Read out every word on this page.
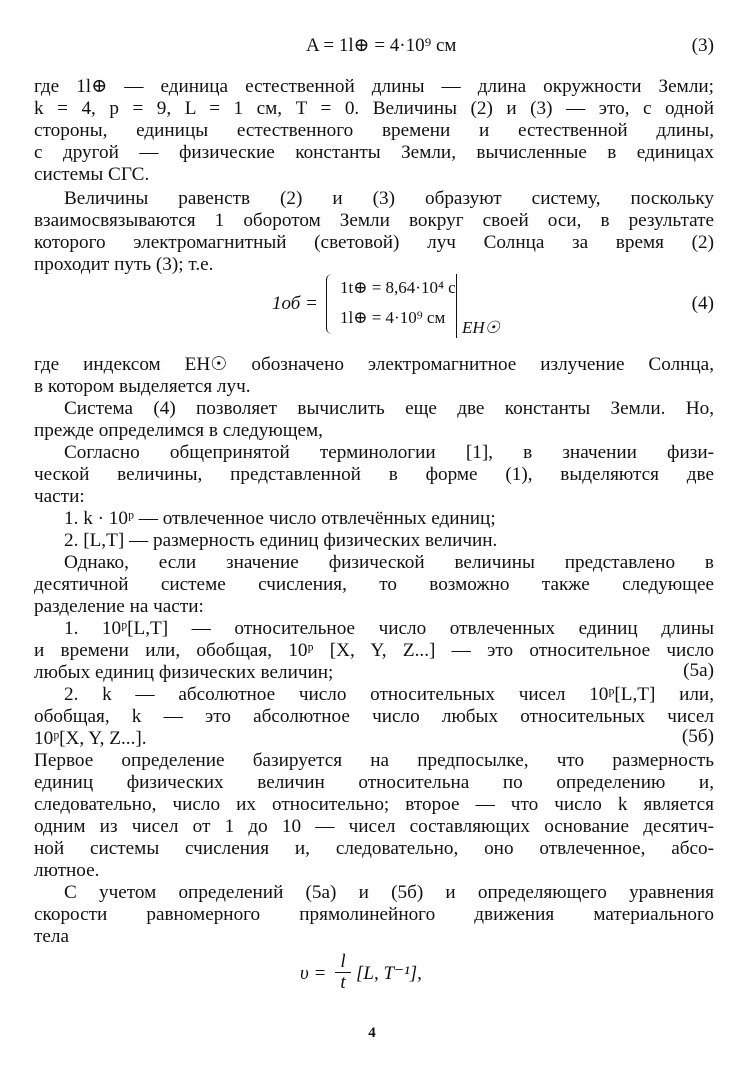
A = 1l⊕ = 4·10⁹ см	(3)
где 1l⊕ — единица естественной длины — длина окружности Земли;
k = 4, p = 9, L = 1 см, T = 0. Величины (2) и (3) — это, с одной
стороны, единицы естественного времени и естественной длины,
с другой — физические константы Земли, вычисленные в единицах
системы СГС.
Величины равенств (2) и (3) образуют систему, поскольку
взаимосвязываются 1 оборотом Земли вокруг своей оси, в результате
которого электромагнитный (световой) луч Солнца за время (2)
проходит путь (3); т.е.
1об =
1t⊕ = 8,64·10⁴ с
1l⊕ = 4·10⁹ см
EH☉
(4)
где индексом EH☉ обозначено электромагнитное излучение Солнца,
в котором выделяется луч.
Система (4) позволяет вычислить еще две константы Земли. Но,
прежде определимся в следующем,
Согласно общепринятой терминологии [1], в значении физи-
ческой величины, представленной в форме (1), выделяются две
части:
1. k · 10ᵖ — отвлеченное число отвлечённых единиц;
2. [L,T] — размерность единиц физических величин.
Однако, если значение физической величины представлено в
десятичной системе счисления, то возможно также следующее
разделение на части:
1. 10ᵖ[L,T] — относительное число отвлеченных единиц длины
и времени или, обобщая, 10ᵖ [X, Y, Z...] — это относительное число
любых единиц физических величин;	(5а)
2. k — абсолютное число относительных чисел 10ᵖ[L,T] или,
обобщая, k — это абсолютное число любых относительных чисел
10ᵖ[X, Y, Z...].	(5б)
Первое определение базируется на предпосылке, что размерность
единиц физических величин относительна по определению и,
следовательно, число их относительно; второе — что число k является
одним из чисел от 1 до 10 — чисел составляющих основание десятич-
ной системы счисления и, следовательно, оно отвлеченное, абсо-
лютное.
С учетом определений (5а) и (5б) и определяющего уравнения
скорости равномерного прямолинейного движения материального
тела
$\upsilon = \frac{l}{t} [L$, T⁻¹],
4
